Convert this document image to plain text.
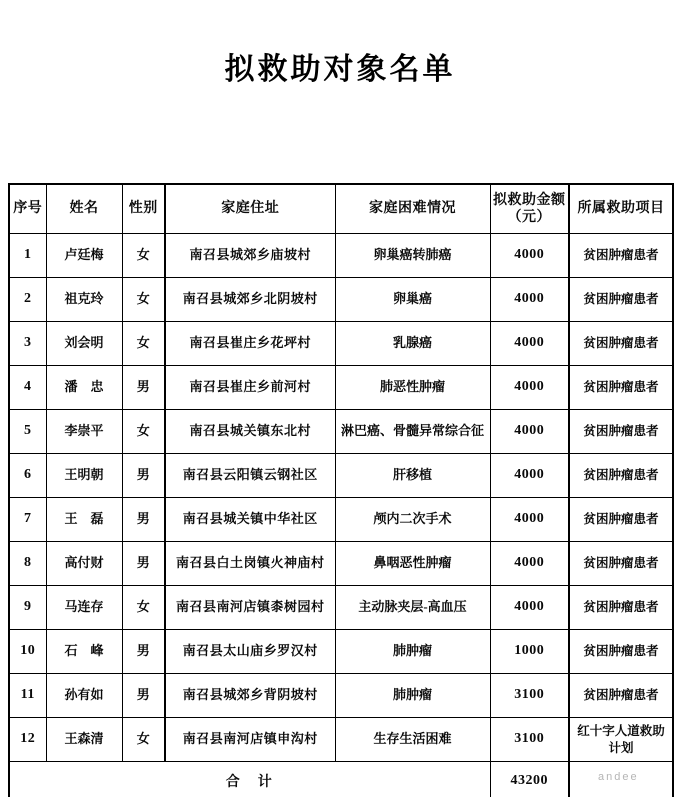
拟救助对象名单
序号	姓名	性别	家庭住址	家庭困难情况	拟救助金额（元）	所属救助项目
1	卢廷梅	女	南召县城郊乡庙坡村	卵巢癌转肺癌	4000	贫困肿瘤患者
2	祖克玲	女	南召县城郊乡北阴坡村	卵巢癌	4000	贫困肿瘤患者
3	刘会明	女	南召县崔庄乡花坪村	乳腺癌	4000	贫困肿瘤患者
4	潘　忠	男	南召县崔庄乡前河村	肺恶性肿瘤	4000	贫困肿瘤患者
5	李崇平	女	南召县城关镇东北村	淋巴癌、骨髓异常综合征	4000	贫困肿瘤患者
6	王明朝	男	南召县云阳镇云钢社区	肝移植	4000	贫困肿瘤患者
7	王　磊	男	南召县城关镇中华社区	颅内二次手术	4000	贫困肿瘤患者
8	高付财	男	南召县白土岗镇火神庙村	鼻咽恶性肿瘤	4000	贫困肿瘤患者
9	马连存	女	南召县南河店镇桼树园村	主动脉夹层-高血压	4000	贫困肿瘤患者
10	石　峰	男	南召县太山庙乡罗汉村	肺肿瘤	1000	贫困肿瘤患者
11	孙有如	男	南召县城郊乡背阴坡村	肺肿瘤	3100	贫困肿瘤患者
12	王森清	女	南召县南河店镇申沟村	生存生活困难	3100	红十字人道救助计划
合　计					43200		andee
